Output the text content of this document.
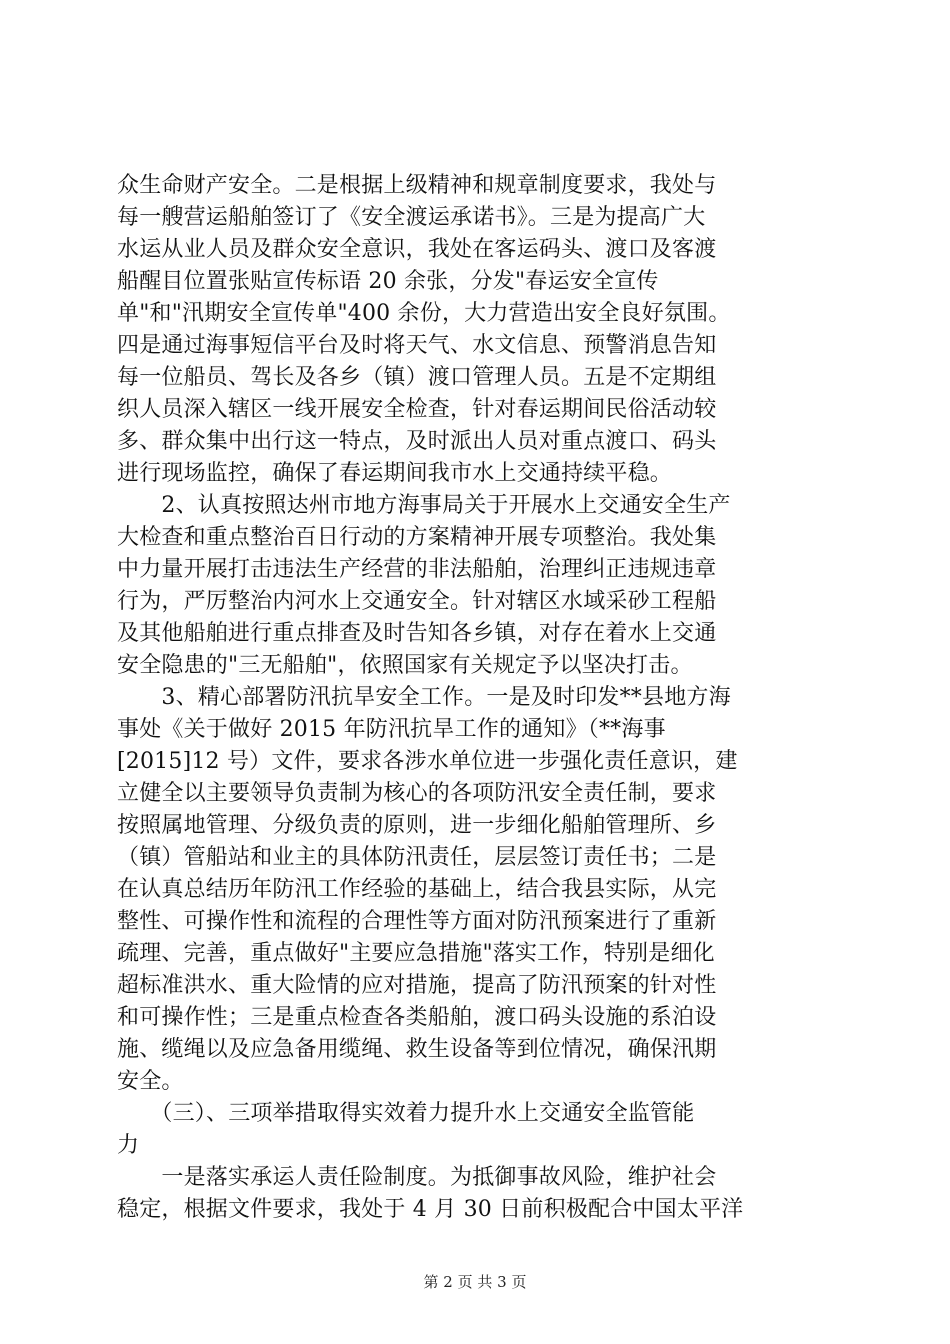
众生命财产安全。二是根据上级精神和规章制度要求，我处与
每一艘营运船舶签订了《安全渡运承诺书》。三是为提高广大
水运从业人员及群众安全意识，我处在客运码头、渡口及客渡
船醒目位置张贴宣传标语 20 余张，分发"春运安全宣传
单"和"汛期安全宣传单"400 余份，大力营造出安全良好氛围。
四是通过海事短信平台及时将天气、水文信息、预警消息告知
每一位船员、驾长及各乡（镇）渡口管理人员。五是不定期组
织人员深入辖区一线开展安全检查，针对春运期间民俗活动较
多、群众集中出行这一特点，及时派出人员对重点渡口、码头
进行现场监控，确保了春运期间我市水上交通持续平稳。
　　2、认真按照达州市地方海事局关于开展水上交通安全生产
大检查和重点整治百日行动的方案精神开展专项整治。我处集
中力量开展打击违法生产经营的非法船舶，治理纠正违规违章
行为，严厉整治内河水上交通安全。针对辖区水域采砂工程船
及其他船舶进行重点排查及时告知各乡镇，对存在着水上交通
安全隐患的"三无船舶"，依照国家有关规定予以坚决打击。
　　3、精心部署防汛抗旱安全工作。一是及时印发**县地方海
事处《关于做好 2015 年防汛抗旱工作的通知》（**海事
[2015]12 号）文件，要求各涉水单位进一步强化责任意识，建
立健全以主要领导负责制为核心的各项防汛安全责任制，要求
按照属地管理、分级负责的原则，进一步细化船舶管理所、乡
（镇）管船站和业主的具体防汛责任，层层签订责任书；二是
在认真总结历年防汛工作经验的基础上，结合我县实际，从完
整性、可操作性和流程的合理性等方面对防汛预案进行了重新
疏理、完善，重点做好"主要应急措施"落实工作，特别是细化
超标准洪水、重大险情的应对措施，提高了防汛预案的针对性
和可操作性；三是重点检查各类船舶，渡口码头设施的系泊设
施、缆绳以及应急备用缆绳、救生设备等到位情况，确保汛期
安全。
　　（三）、三项举措取得实效着力提升水上交通安全监管能
力
　　一是落实承运人责任险制度。为抵御事故风险，维护社会
稳定，根据文件要求，我处于 4 月 30 日前积极配合中国太平洋
第 2 页 共 3 页
